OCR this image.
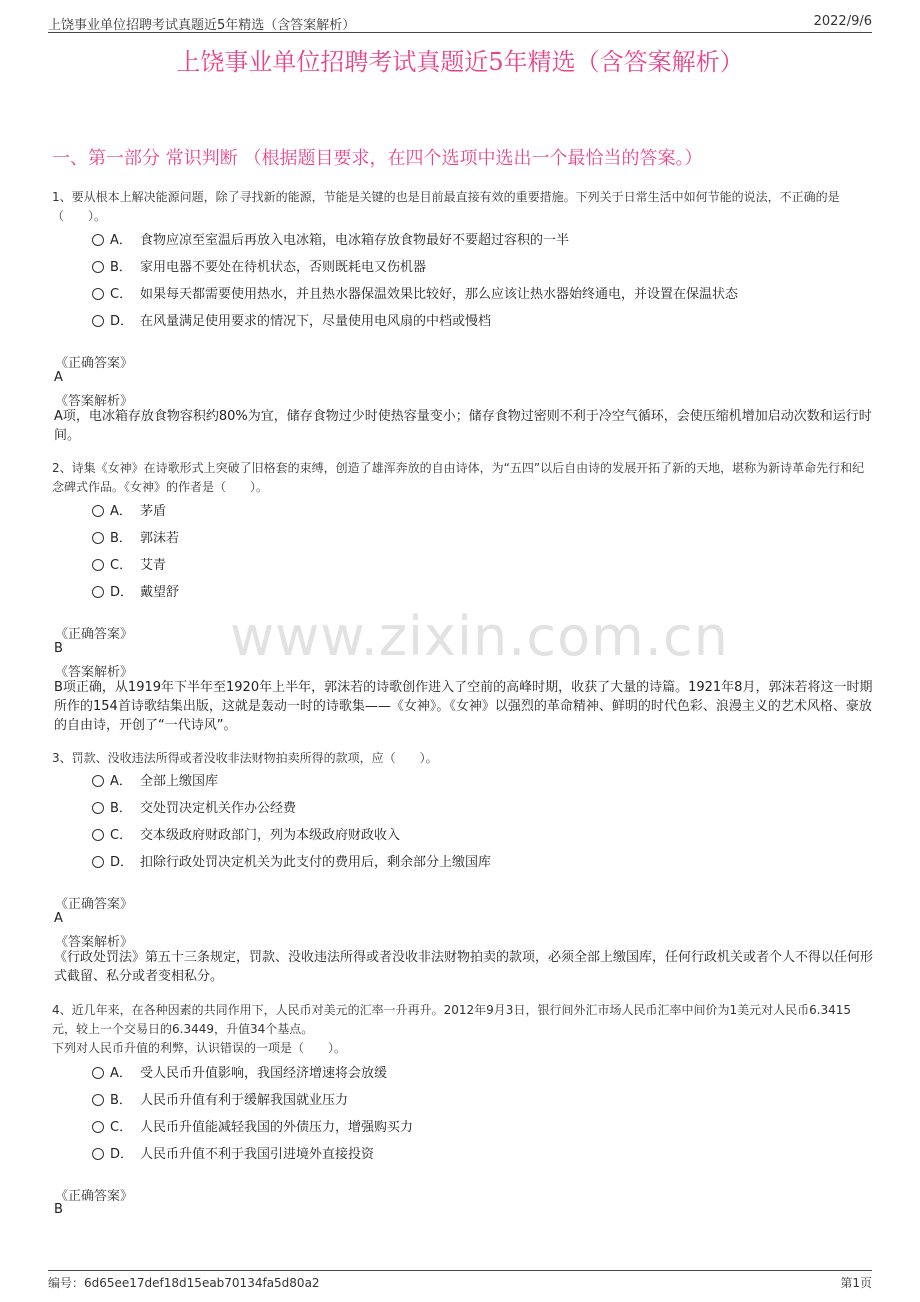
上饶事业单位招聘考试真题近5年精选（含答案解析）	2022/9/6
上饶事业单位招聘考试真题近5年精选（含答案解析）
一、第一部分 常识判断 （根据题目要求，在四个选项中选出一个最恰当的答案。）
www.zixin.com.cn
1、要从根本上解决能源问题，除了寻找新的能源，节能是关键的也是目前最直接有效的重要措施。下列关于日常生活中如何节能的说法，不正确的是（　　）。
A． 食物应凉至室温后再放入电冰箱，电冰箱存放食物最好不要超过容积的一半
B． 家用电器不要处在待机状态，否则既耗电又伤机器
C． 如果每天都需要使用热水，并且热水器保温效果比较好，那么应该让热水器始终通电，并设置在保温状态
D． 在风量满足使用要求的情况下，尽量使用电风扇的中档或慢档
《正确答案》
A
《答案解析》
A项，电冰箱存放食物容积约80%为宜，储存食物过少时使热容量变小；储存食物过密则不利于冷空气循环，会使压缩机增加启动次数和运行时间。
2、诗集《女神》在诗歌形式上突破了旧格套的束缚，创造了雄浑奔放的自由诗体，为“五四”以后自由诗的发展开拓了新的天地，堪称为新诗革命先行和纪念碑式作品。《女神》的作者是（　　）。
A． 茅盾
B． 郭沫若
C． 艾青
D． 戴望舒
《正确答案》
B
《答案解析》
B项正确，从1919年下半年至1920年上半年，郭沫若的诗歌创作进入了空前的高峰时期，收获了大量的诗篇。1921年8月，郭沫若将这一时期所作的154首诗歌结集出版，这就是轰动一时的诗歌集——《女神》。《女神》以强烈的革命精神、鲜明的时代色彩、浪漫主义的艺术风格、豪放的自由诗，开创了“一代诗风”。
3、罚款、没收违法所得或者没收非法财物拍卖所得的款项，应（　　）。
A． 全部上缴国库
B． 交处罚决定机关作办公经费
C． 交本级政府财政部门，列为本级政府财政收入
D． 扣除行政处罚决定机关为此支付的费用后，剩余部分上缴国库
《正确答案》
A
《答案解析》
《行政处罚法》第五十三条规定，罚款、没收违法所得或者没收非法财物拍卖的款项，必须全部上缴国库，任何行政机关或者个人不得以任何形式截留、私分或者变相私分。
4、近几年来，在各种因素的共同作用下，人民币对美元的汇率一升再升。2012年9月3日，银行间外汇市场人民币汇率中间价为1美元对人民币6.3415元，较上一个交易日的6.3449，升值34个基点。
下列对人民币升值的利弊，认识错误的一项是（　　）。
A． 受人民币升值影响，我国经济增速将会放缓
B． 人民币升值有利于缓解我国就业压力
C． 人民币升值能减轻我国的外债压力，增强购买力
D． 人民币升值不利于我国引进境外直接投资
《正确答案》
B
编号：6d65ee17def18d15eab70134fa5d80a2	第1页
